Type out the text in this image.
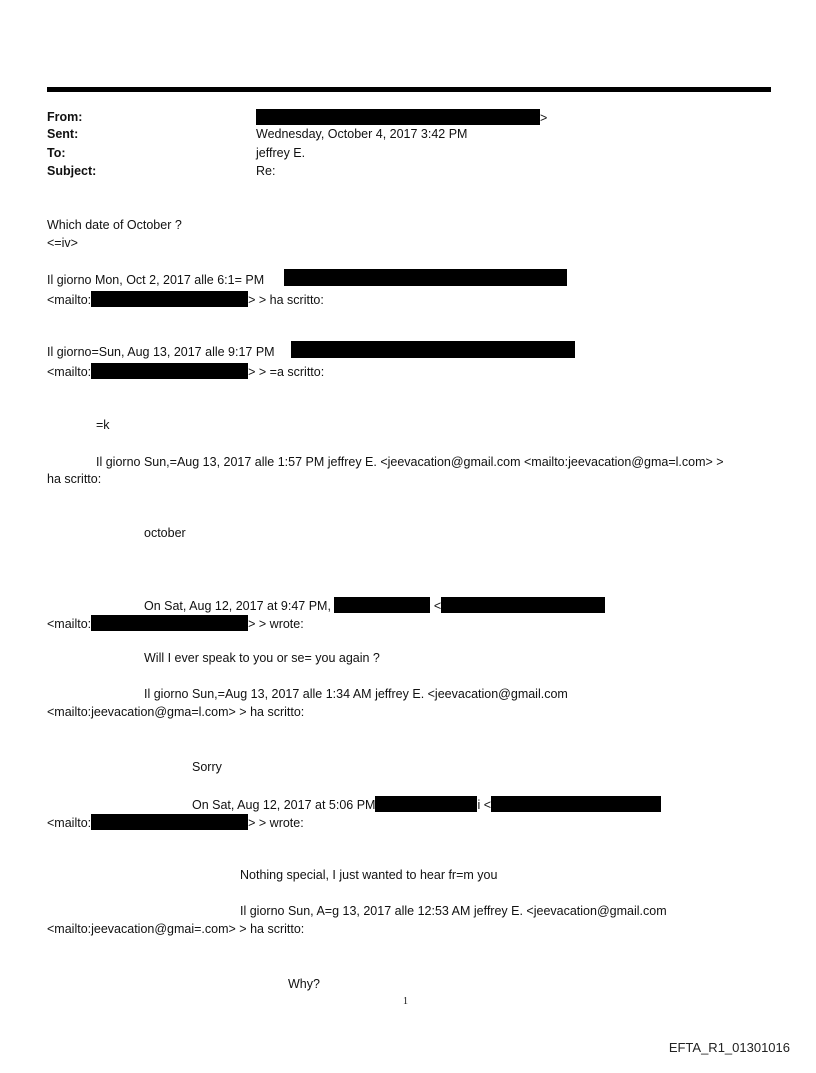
From:	>
Sent:	Wednesday, October 4, 2017 3:42 PM
To:	jeffrey E.
Subject:	Re:
Which date of October ?
<=iv>
Il giorno Mon, Oct 2, 2017 alle 6:1= PM
<mailto:	> > ha scritto:
Il giorno=Sun, Aug 13, 2017 alle 9:17 PM
<mailto:	> > =a scritto:
=k
Il giorno Sun,=Aug 13, 2017 alle 1:57 PM jeffrey E. <jeevacation@gmail.com <mailto:jeevacation@gma=l.com> >
ha scritto:
october
On Sat, Aug 12, 2017 at 9:47 PM,	<
<mailto:	> > wrote:
Will I ever speak to you or se= you again ?
Il giorno Sun,=Aug 13, 2017 alle 1:34 AM jeffrey E. <jeevacation@gmail.com
<mailto:jeevacation@gma=l.com> > ha scritto:
Sorry
On Sat, Aug 12, 2017 at 5:06 PM	i <
<mailto:	> > wrote:
Nothing special, I just wanted to hear fr=m you
Il giorno Sun, A=g 13, 2017 alle 12:53 AM jeffrey E. <jeevacation@gmail.com
<mailto:jeevacation@gmai=.com> > ha scritto:
Why?
1
EFTA_R1_01301016
